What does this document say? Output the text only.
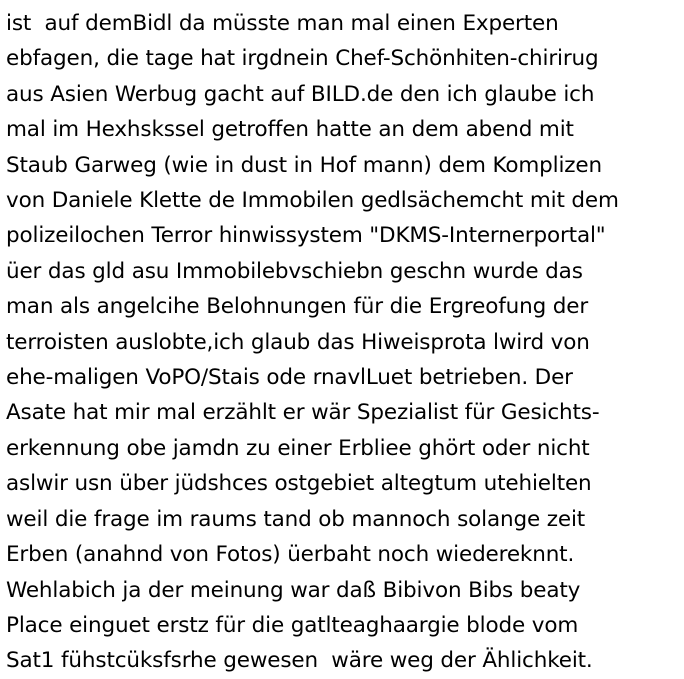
ist  auf demBidl da müsste man mal einen Experten
ebfagen, die tage hat irgdnein Chef-Schönhiten-chirirug
aus Asien Werbug gacht auf BILD.de den ich glaube ich
mal im Hexhskssel getroffen hatte an dem abend mit
Staub Garweg (wie in dust in Hof mann) dem Komplizen
von Daniele Klette de Immobilen gedlsächemcht mit dem
polizeilochen Terror hinwissystem "DKMS-Internerportal"
üer das gld asu Immobilebvschiebn geschn wurde das
man als angelcihe Belohnungen für die Ergreofung der
terroisten auslobte,ich glaub das Hiweisprota lwird von
ehe-maligen VoPO/Stais ode rnavlLuet betrieben. Der
Asate hat mir mal erzählt er wär Spezialist für Gesichts-
erkennung obe jamdn zu einer Erbliee ghört oder nicht
aslwir usn über jüdshces ostgebiet altegtum utehielten
weil die frage im raums tand ob mannoch solange zeit
Erben (anahnd von Fotos) üerbaht noch wiedereknnt.
Wehlabich ja der meinung war daß Bibivon Bibs beaty
Place einguet erstz für die gatlteaghaargie blode vom
Sat1 fühstcüksfsrhe gewesen  wäre weg der Ählichkeit.
